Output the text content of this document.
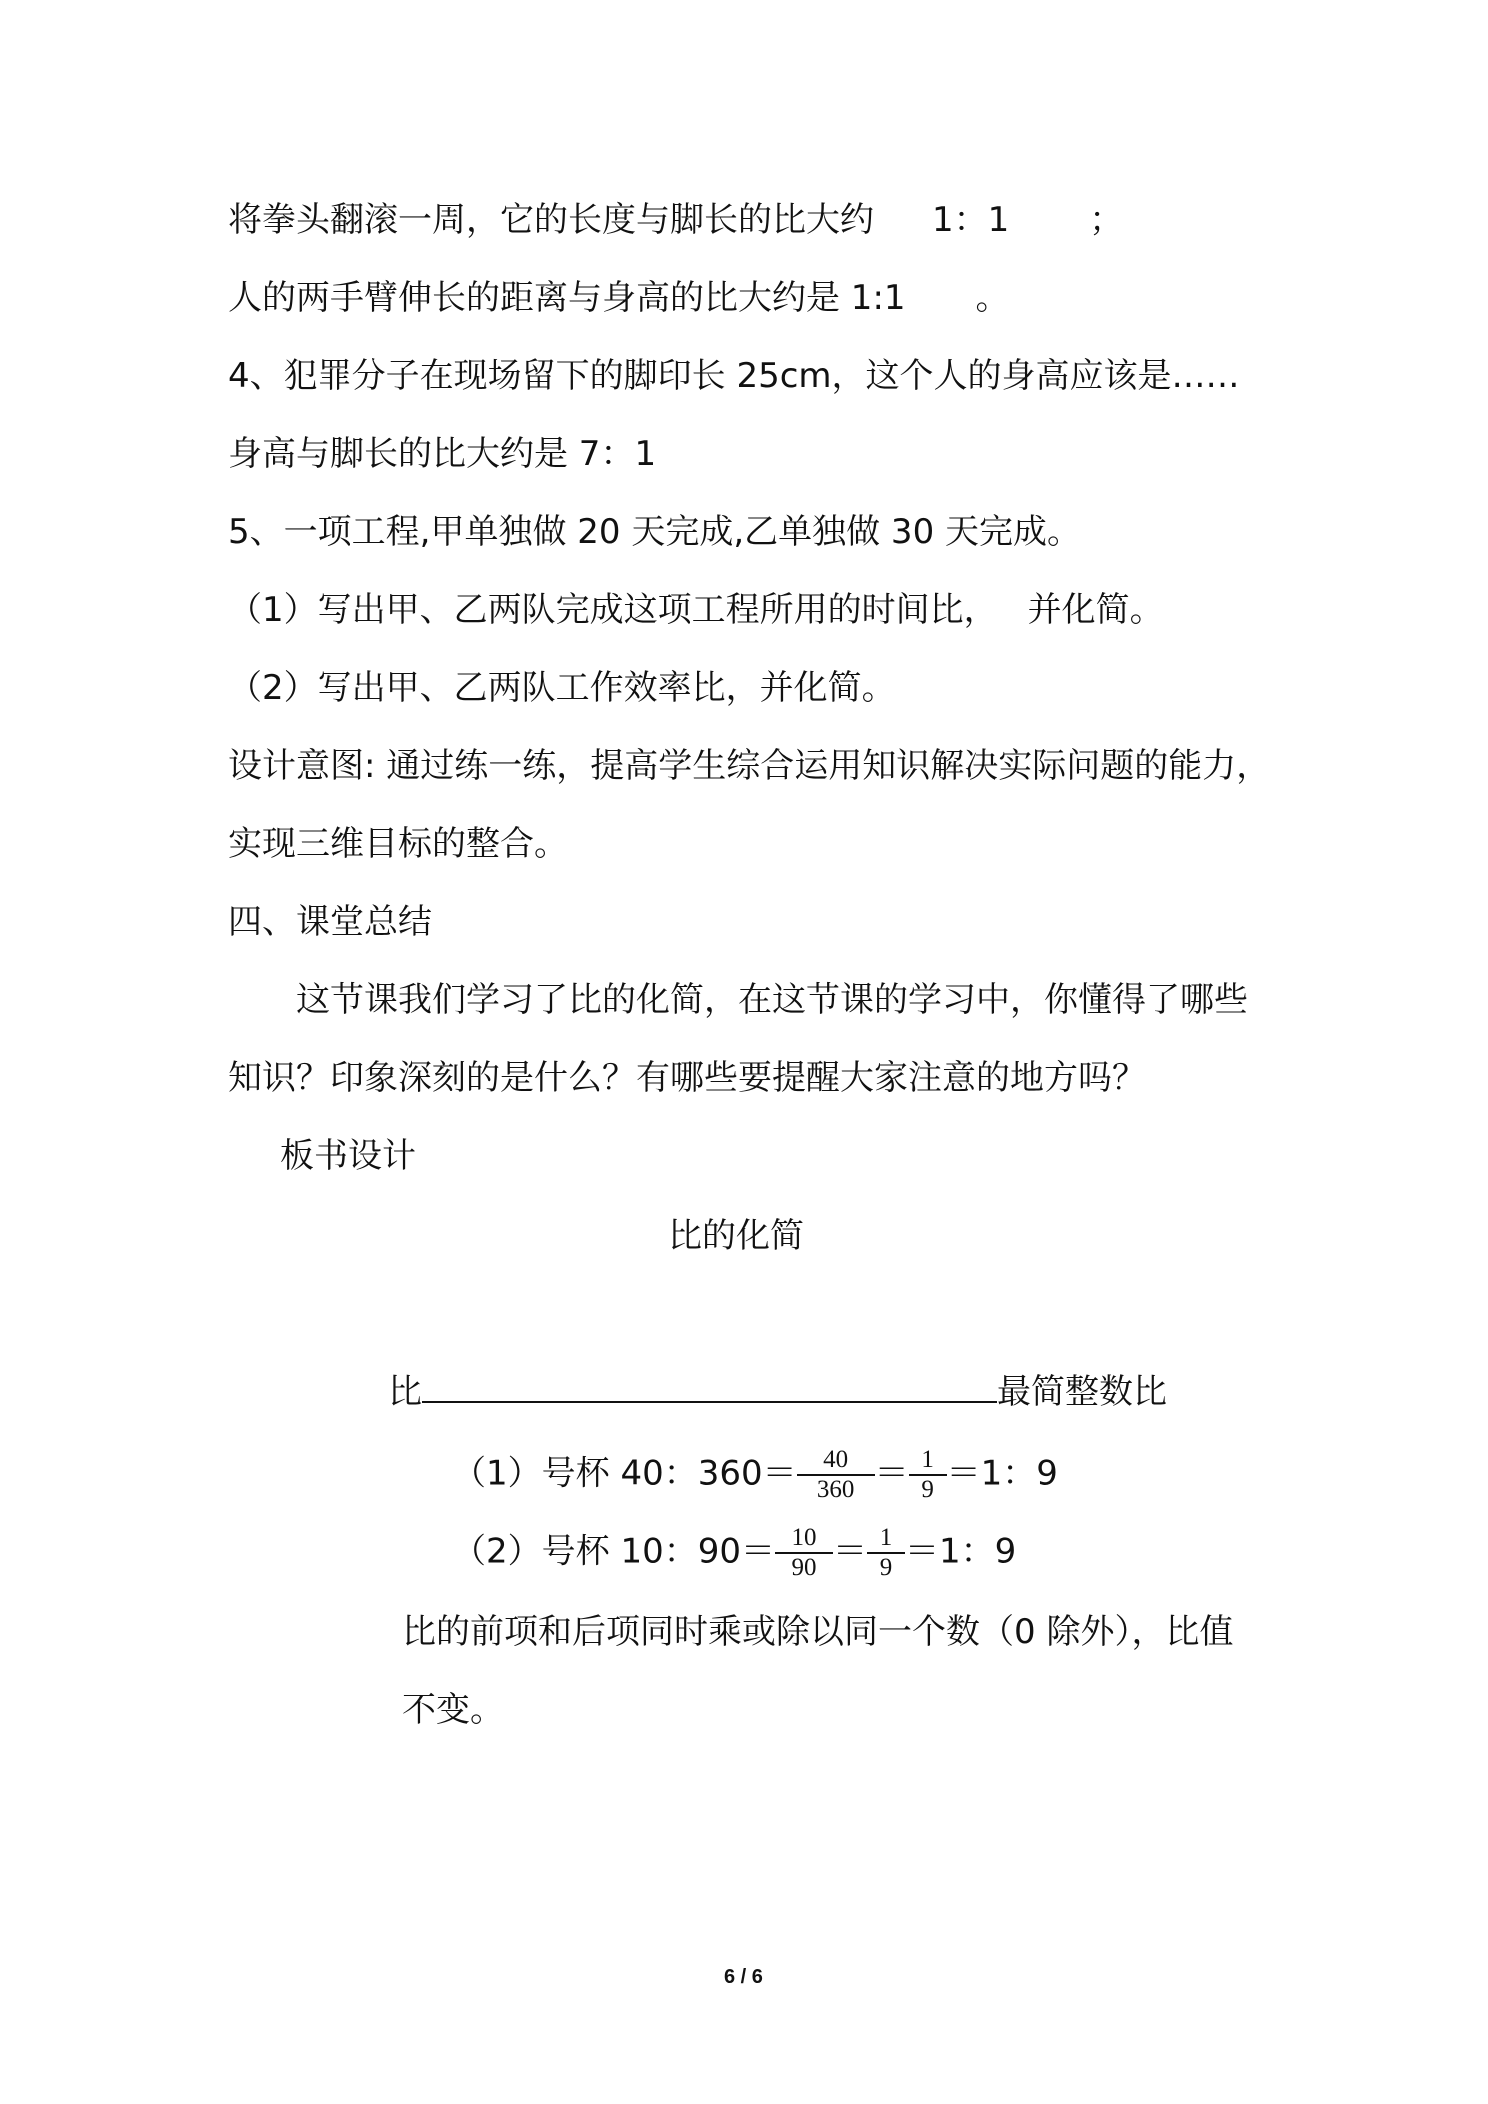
将拳头翻滚一周，它的长度与脚长的比大约 1：1 ；
人的两手臂伸长的距离与身高的比大约是 1:1 。
4、犯罪分子在现场留下的脚印长 25cm，这个人的身高应该是……
身高与脚长的比大约是 7：1
5、一项工程,甲单独做 20 天完成,乙单独做 30 天完成。
（1）写出甲、乙两队完成这项工程所用的时间比， 并化简。
（2）写出甲、乙两队工作效率比，并化简。
设计意图: 通过练一练，提高学生综合运用知识解决实际问题的能力，
实现三维目标的整合。
四、课堂总结
这节课我们学习了比的化简，在这节课的学习中，你懂得了哪些
知识？印象深刻的是什么？有哪些要提醒大家注意的地方吗？
板书设计
比的化简
比	最简整数比
（1）号杯 40：$360= \frac{40}{360} = \frac{1}{9} =1$：9
（2）号杯 10：$90= \frac{10}{90} = \frac{1}{9} =1$：9
比的前项和后项同时乘或除以同一个数（0 除外），比值
不变。
6 / 6
